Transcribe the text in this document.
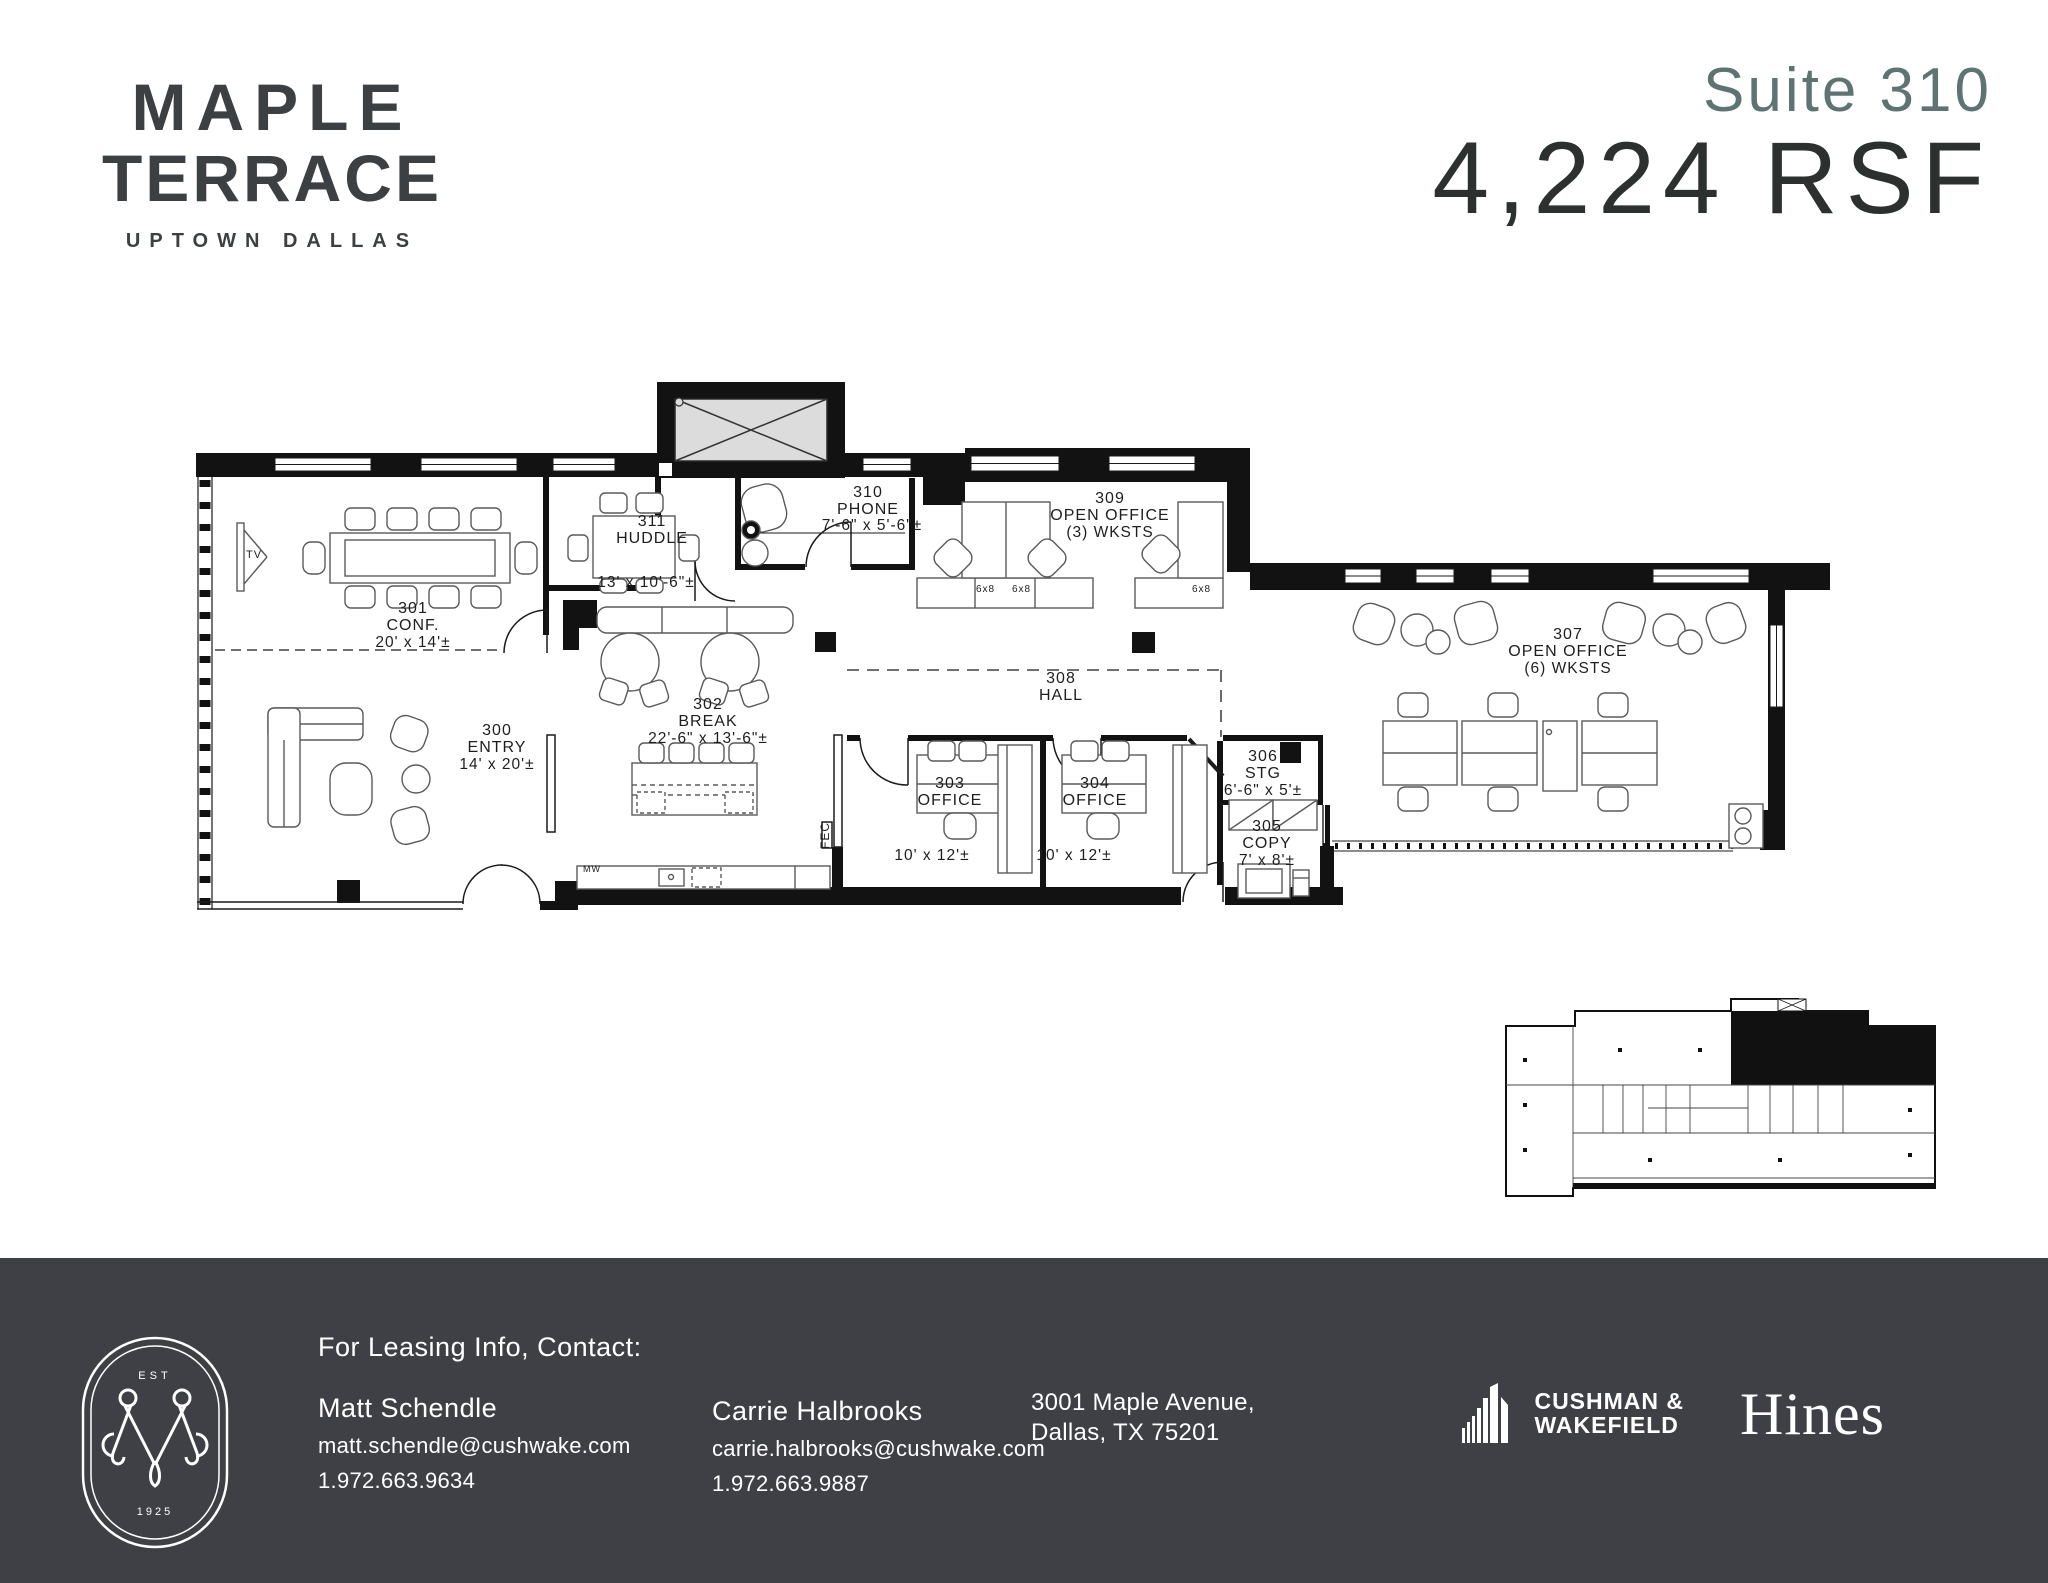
MAPLE
TERRACE
UPTOWN DALLAS
Suite 310
4,224 RSF
301
CONF.
20' x 14'±
311
HUDDLE
13' x 10'-6"±
310
PHONE
7'-6" x 5'-6"±
309
OPEN OFFICE
(3) WKSTS
307
OPEN OFFICE
(6) WKSTS
308
HALL
300
ENTRY
14' x 20'±
302
BREAK
22'-6" x 13'-6"±
303
OFFICE
10' x 12'±
304
OFFICE
10' x 12'±
306
STG
6'-6" x 5'±
305
COPY
7' x 8'±
TV
FEC
MW
6x8 6x8	6x8
EST
1925
For Leasing Info, Contact:
Matt Schendle
matt.schendle@cushwake.com
1.972.663.9634
Carrie Halbrooks
carrie.halbrooks@cushwake.com
1.972.663.9887
3001 Maple Avenue,
Dallas, TX 75201

CUSHMAN &
WAKEFIELD Hines
